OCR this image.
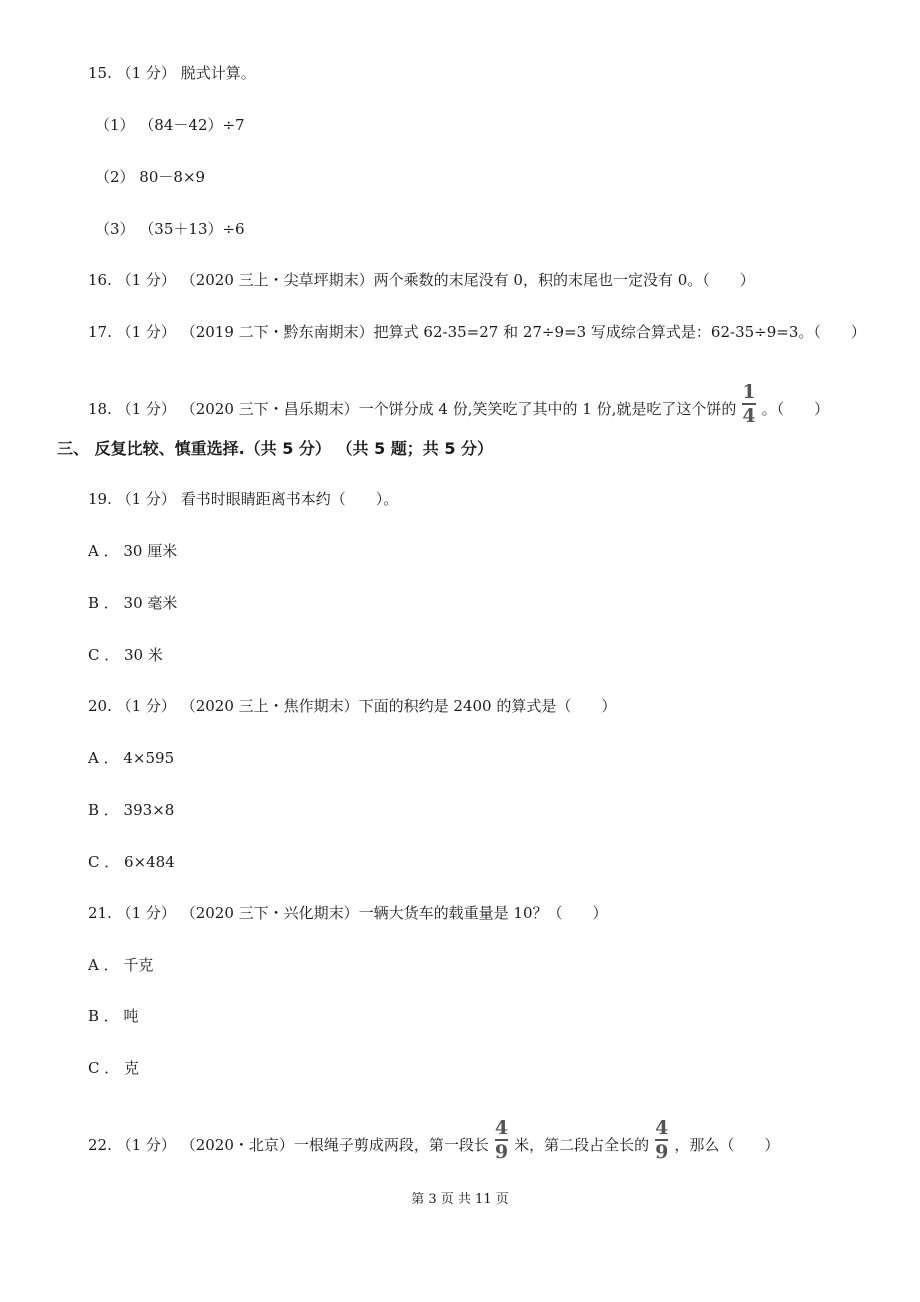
15. （1 分） 脱式计算。
（1） （84－42）÷7
（2） 80－8×9
（3） （35＋13）÷6
16. （1 分） （2020 三上・尖草坪期末）两个乘数的末尾没有 0，积的末尾也一定没有 0。（　　）
17. （1 分） （2019 二下・黔东南期末）把算式 62-35=27 和 27÷9=3 写成综合算式是：62-35÷9=3。（　　）
18. （1 分） （2020 三下・昌乐期末）一个饼分成 4 份,笑笑吃了其中的 1 份,就是吃了这个饼的 $\frac{1}{4}$ 。（　　）
三、 反复比较、慎重选择.（共 5 分） （共 5 题；共 5 分）
19. （1 分） 看书时眼睛距离书本约（　　）。
A ． 30 厘米
B ． 30 毫米
C ． 30 米
20. （1 分） （2020 三上・焦作期末）下面的积约是 2400 的算式是（　　）
A ． 4×595
B ． 393×8
C ． 6×484
21. （1 分） （2020 三下・兴化期末）一辆大货车的载重量是 10？（　　）
A ． 千克
B ． 吨
C ． 克
22. （1 分） （2020・北京）一根绳子剪成两段，第一段长 $\frac{4}{9}$ 米，第二段占全长的 $\frac{4}{9}$ ，那么（　　）
第 3 页 共 11 页
